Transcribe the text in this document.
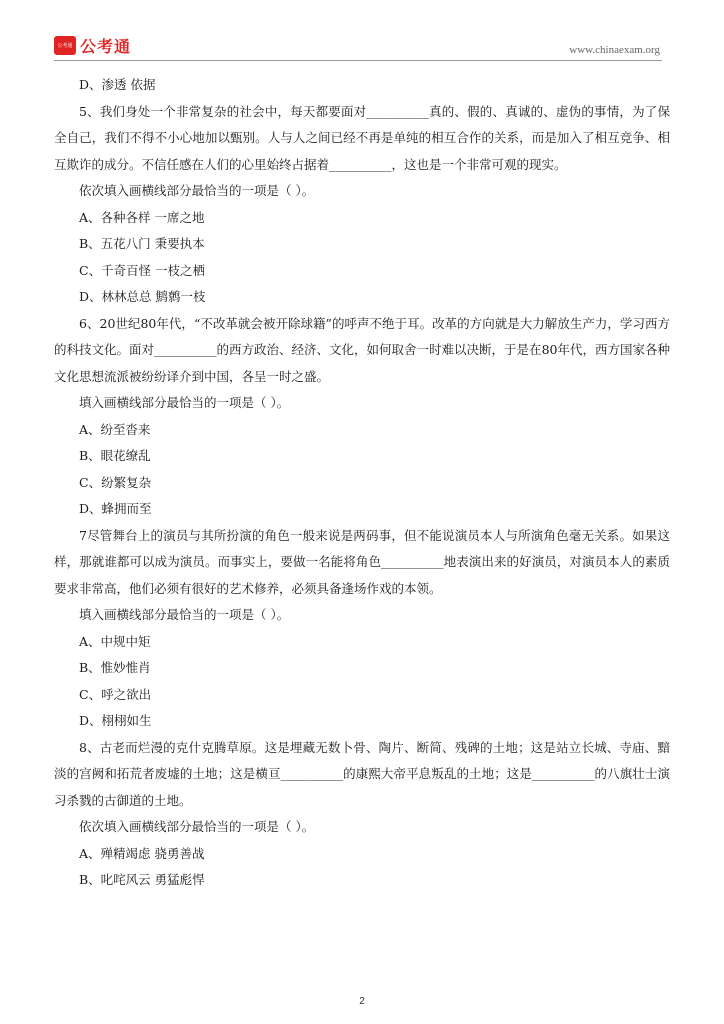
公考通 公考通	www.chinaexam.org

D、渗透 依据

5、我们身处一个非常复杂的社会中，每天都要面对__________真的、假的、真诚的、虚伪的事情，为了保全自己，我们不得不小心地加以甄别。人与人之间已经不再是单纯的相互合作的关系，而是加入了相互竞争、相互欺诈的成分。不信任感在人们的心里始终占据着__________，这也是一个非常可观的现实。

依次填入画横线部分最恰当的一项是（ ）。

A、各种各样 一席之地

B、五花八门 秉要执本

C、千奇百怪 一枝之栖

D、林林总总 鹪鹩一枝

6、20世纪80年代，“不改革就会被开除球籍”的呼声不绝于耳。改革的方向就是大力解放生产力，学习西方的科技文化。面对__________的西方政治、经济、文化，如何取舍一时难以决断，于是在80年代，西方国家各种文化思想流派被纷纷译介到中国，各呈一时之盛。

填入画横线部分最恰当的一项是（ ）。

A、纷至沓来

B、眼花缭乱

C、纷繁复杂

D、蜂拥而至

7尽管舞台上的演员与其所扮演的角色一般来说是两码事，但不能说演员本人与所演角色毫无关系。如果这样，那就谁都可以成为演员。而事实上，要做一名能将角色__________地表演出来的好演员，对演员本人的素质要求非常高，他们必须有很好的艺术修养，必须具备逢场作戏的本领。

填入画横线部分最恰当的一项是（ ）。

A、中规中矩

B、惟妙惟肖

C、呼之欲出

D、栩栩如生

8、古老而烂漫的克什克腾草原。这是埋藏无数卜骨、陶片、断简、残碑的土地；这是站立长城、寺庙、黯淡的宫阙和拓荒者废墟的土地；这是横亘__________的康熙大帝平息叛乱的土地；这是__________的八旗壮士演习杀戮的古御道的土地。

依次填入画横线部分最恰当的一项是（ ）。

A、殚精竭虑 骁勇善战

B、叱咤风云 勇猛彪悍

2
